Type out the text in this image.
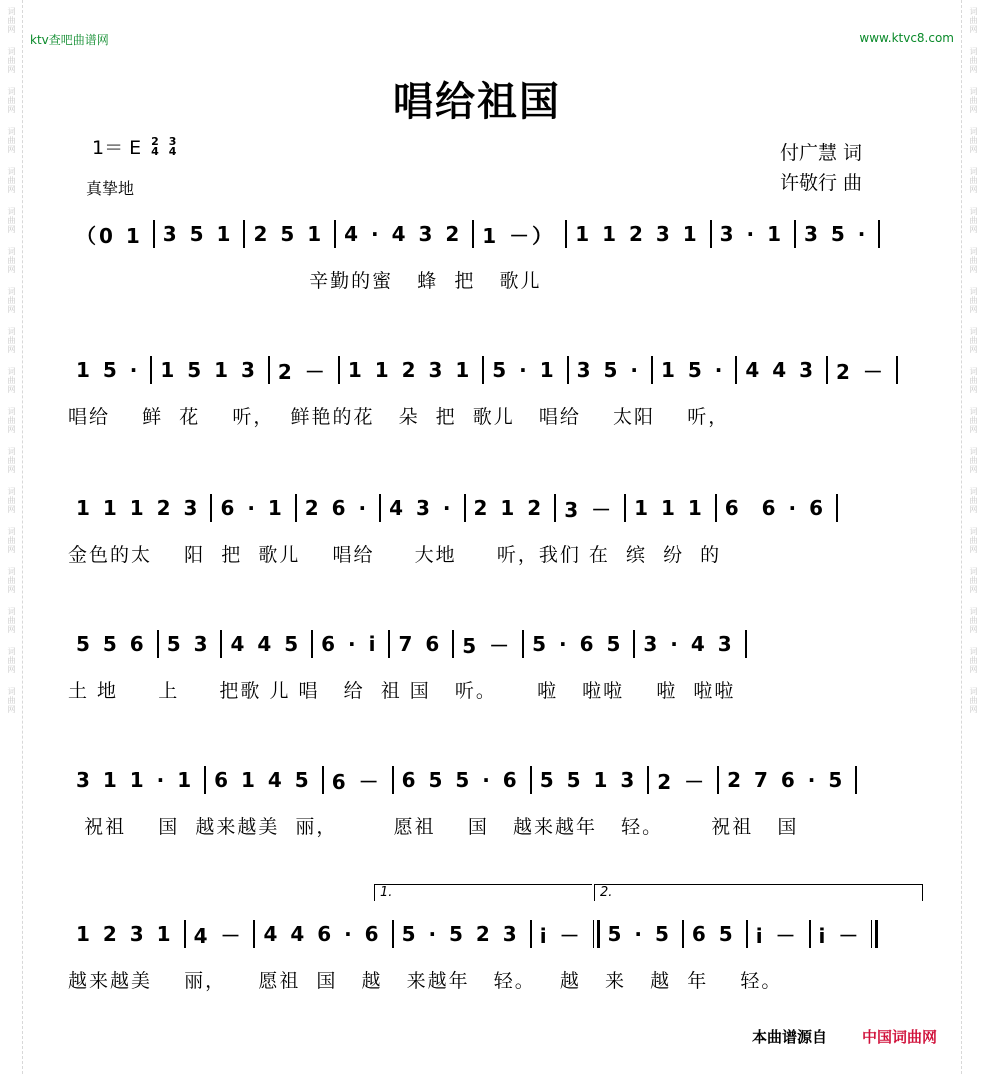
词曲网
词曲网
词曲网
词曲网
词曲网
词曲网
词曲网
词曲网
词曲网
词曲网
词曲网
词曲网
词曲网
词曲网
词曲网
词曲网
词曲网
词曲网
词曲网
词曲网
词曲网
词曲网
词曲网
词曲网
词曲网
词曲网
词曲网
词曲网
词曲网
词曲网
词曲网
词曲网
词曲网
词曲网
词曲网
词曲网
ktv查吧曲谱网	www.ktvc8.com
唱给祖国
1＝ E 2
4
3
4
真挚地
付广慧 词
许敬行 曲
（0 1	3 5 1	2 5 1	4 · 4 3 2	1 －）	1 1 2 3 1	3 · 1	3 5 ·
辛勤的蜜   蜂  把   歌儿
1 5 ·	1 5 1 3	2 －	1 1 2 3 1	5 · 1	3 5 ·	1 5 ·	4 4 3	2 －
唱给    鲜  花    听，  鲜艳的花   朵  把  歌儿   唱给    太阳    听，
1 1 1 2 3	6 · 1	2 6 ·	4 3 ·	2 1 2	3 －	1 1 1	6  6 · 6
金色的太    阳  把  歌儿    唱给     大地     听，我们 在  缤  纷  的
5 5 6	5 3	4 4 5	6 · i	7 6	5 －	5 · 6 5	3 · 4 3
土 地     上     把歌 儿 唱   给  祖 国   听。     啦   啦啦    啦  啦啦
3 1 1 · 1	6 1 4 5	6 －	6 5 5 · 6	5 5 1 3	2 －	2 7 6 · 5
祝祖    国  越来越美  丽，       愿祖    国   越来越年   轻。      祝祖   国
1 2 3 1	4 －	4 4 6 · 6	5 · 5 2 3	i －	5 · 5	6 5	i －	i －
越来越美    丽，    愿祖  国   越   来越年   轻。   越   来   越  年    轻。
1.	2.
本曲谱源自 中国词曲网
